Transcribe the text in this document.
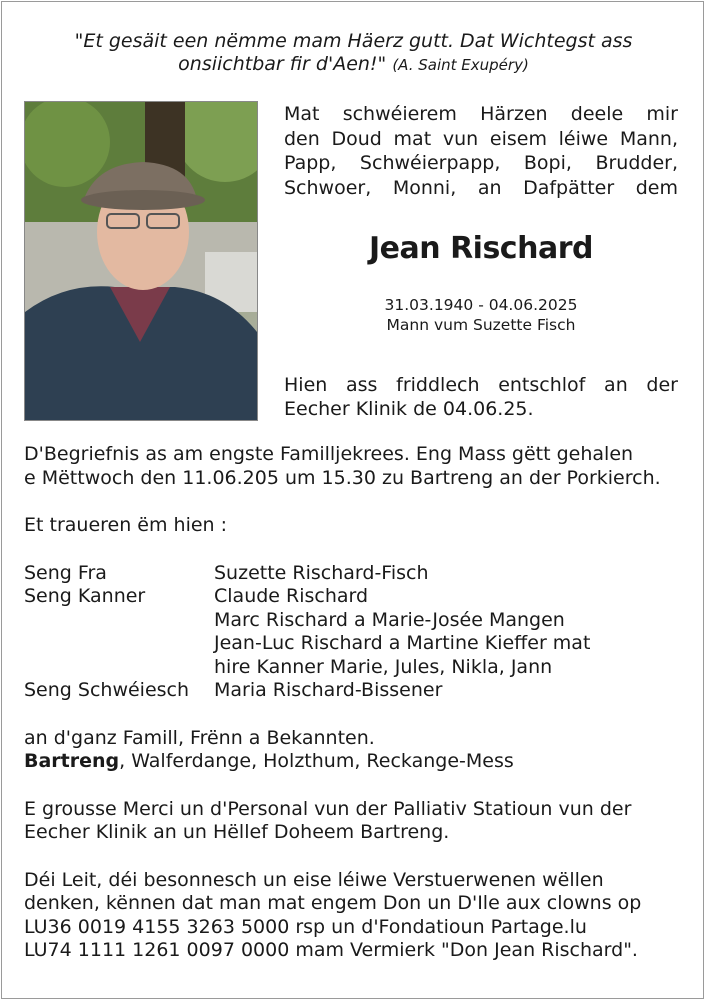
"Et gesäit een nëmme mam Häerz gutt. Dat Wichtegst ass
onsiichtbar fir d'Aen!" (A. Saint Exupéry)
Mat schwéierem Härzen deele mir
den Doud mat vun eisem léiwe Mann,
Papp, Schwéierpapp, Bopi, Brudder,
Schwoer, Monni, an Dafpätter dem
Jean Rischard
31.03.1940 - 04.06.2025
Mann vum Suzette Fisch
Hien ass friddlech entschlof an der
Eecher Klinik de 04.06.25.

D'Begriefnis as am engste Familljekrees. Eng Mass gëtt gehalen

e Mëttwoch den 11.06.205 um 15.30 zu Bartreng an der Porkierch.

Et traueren ëm hien :

Seng Fra	Suzette Rischard-Fisch
Seng Kanner	Claude Rischard
Marc Rischard a Marie-Josée Mangen
Jean-Luc Rischard a Martine Kieffer mat
hire Kanner Marie, Jules, Nikla, Jann
Seng Schwéiesch	Maria Rischard-Bissener

an d'ganz Famill, Frënn a Bekannten.

Bartreng, Walferdange, Holzthum, Reckange-Mess

E grousse Merci un d'Personal vun der Palliativ Statioun vun der

Eecher Klinik an un Hëllef Doheem Bartreng.

Déi Leit, déi besonnesch un eise léiwe Verstuerwenen wëllen

denken, kënnen dat man mat engem Don un D'Ile aux clowns op

LU36 0019 4155 3263 5000 rsp un d'Fondatioun Partage.lu

LU74 1111 1261 0097 0000 mam Vermierk "Don Jean Rischard".
